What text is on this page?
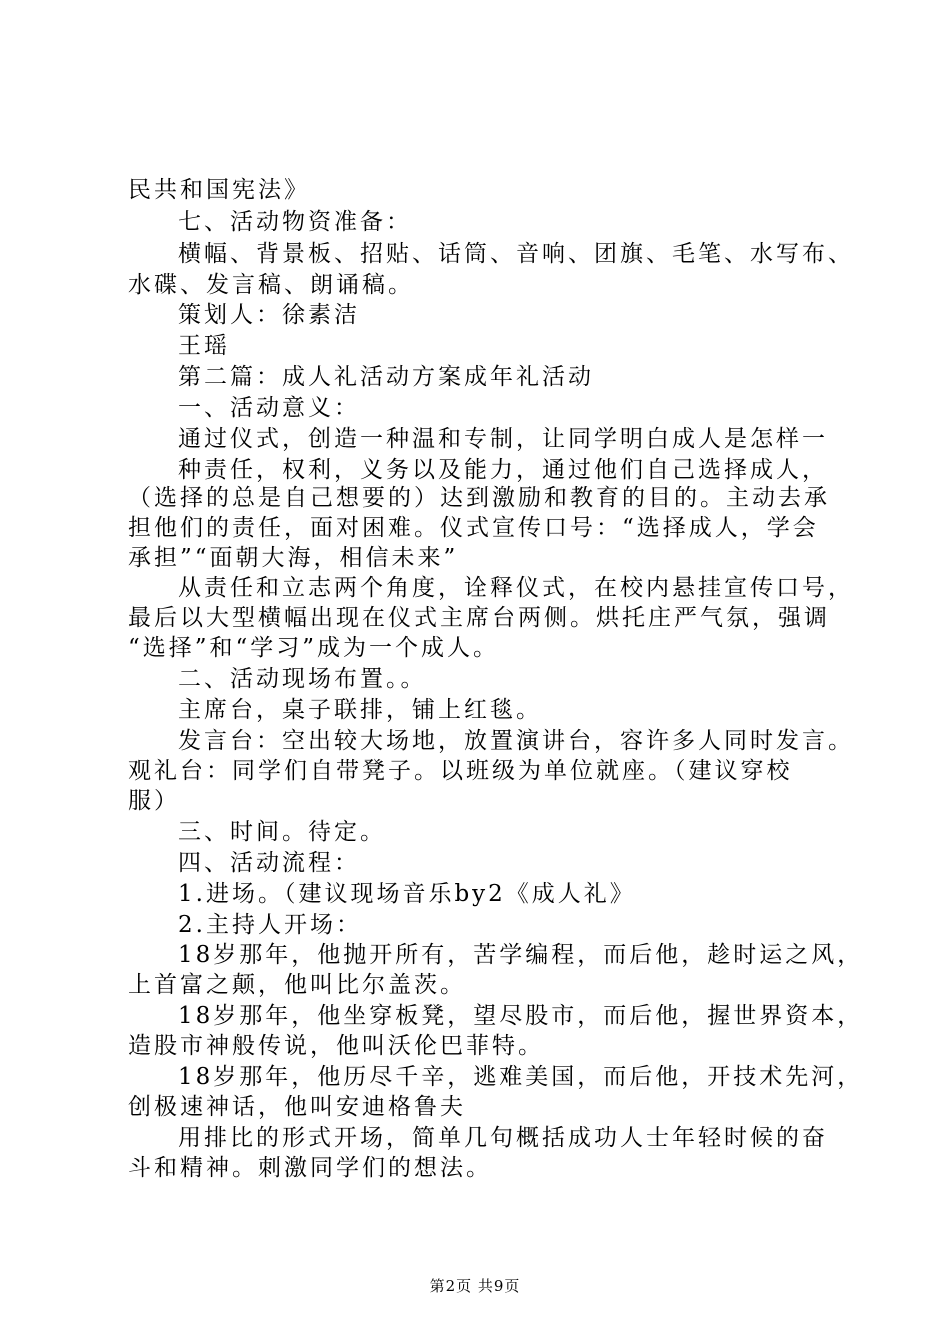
民共和国宪法》
七、活动物资准备：
横幅、背景板、招贴、话筒、音响、团旗、毛笔、水写布、
水碟、发言稿、朗诵稿。
策划人：徐素洁
王瑶
第二篇：成人礼活动方案成年礼活动
一、活动意义：
通过仪式，创造一种温和专制，让同学明白成人是怎样一
种责任，权利，义务以及能力，通过他们自己选择成人，
（选择的总是自己想要的）达到激励和教育的目的。主动去承
担他们的责任，面对困难。仪式宣传口号：“选择成人，学会
承担”“面朝大海，相信未来”
从责任和立志两个角度，诠释仪式，在校内悬挂宣传口号，
最后以大型横幅出现在仪式主席台两侧。烘托庄严气氛，强调
“选择”和“学习”成为一个成人。
二、活动现场布置。。
主席台，桌子联排，铺上红毯。
发言台：空出较大场地，放置演讲台，容许多人同时发言。
观礼台：同学们自带凳子。以班级为单位就座。（建议穿校
服）
三、时间。待定。
四、活动流程：
1.进场。（建议现场音乐by2《成人礼》
2.主持人开场：
18岁那年，他抛开所有，苦学编程，而后他，趁时运之风，
上首富之颠，他叫比尔盖茨。
18岁那年，他坐穿板凳，望尽股市，而后他，握世界资本，
造股市神般传说，他叫沃伦巴菲特。
18岁那年，他历尽千辛，逃难美国，而后他，开技术先河，
创极速神话，他叫安迪格鲁夫
用排比的形式开场，简单几句概括成功人士年轻时候的奋
斗和精神。刺激同学们的想法。
第2页 共9页
